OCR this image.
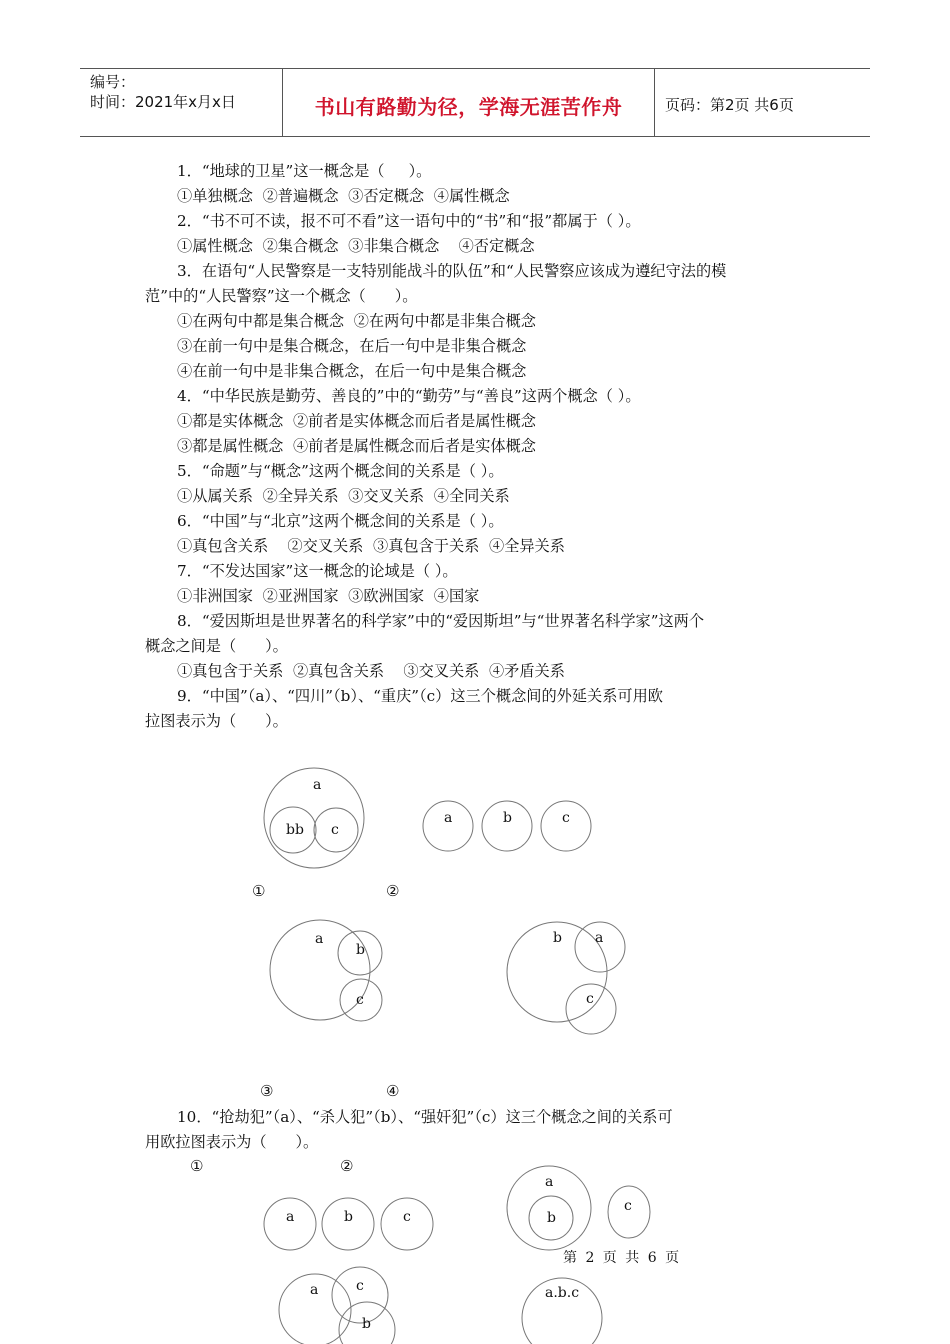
编号：
时间：2021年x月x日	书山有路勤为径，学海无涯苦作舟	页码：第2页 共6页
1．“地球的卫星”这一概念是（     ）。
①单独概念  ②普遍概念  ③否定概念  ④属性概念
2．“书不可不读，报不可不看”这一语句中的“书”和“报”都属于（ ）。
①属性概念  ②集合概念  ③非集合概念    ④否定概念
3．在语句“人民警察是一支特别能战斗的队伍”和“人民警察应该成为遵纪守法的模
范”中的“人民警察”这一个概念（      ）。
①在两句中都是集合概念  ②在两句中都是非集合概念
③在前一句中是集合概念，在后一句中是非集合概念
④在前一句中是非集合概念，在后一句中是集合概念
4．“中华民族是勤劳、善良的”中的“勤劳”与“善良”这两个概念（ ）。
①都是实体概念  ②前者是实体概念而后者是属性概念
③都是属性概念  ④前者是属性概念而后者是实体概念
5．“命题”与“概念”这两个概念间的关系是（ ）。
①从属关系  ②全异关系  ③交叉关系  ④全同关系
6．“中国”与“北京”这两个概念间的关系是（ ）。
①真包含关系    ②交叉关系  ③真包含于关系  ④全异关系
7．“不发达国家”这一概念的论域是（ ）。
①非洲国家  ②亚洲国家  ③欧洲国家  ④国家
8．“爱因斯坦是世界著名的科学家”中的“爱因斯坦”与“世界著名科学家”这两个
概念之间是（      ）。
①真包含于关系  ②真包含关系    ③交叉关系  ④矛盾关系
9．“中国”（a）、“四川”（b）、“重庆”（c）这三个概念间的外延关系可用欧
拉图表示为（      ）。
a
bb c
a	b	c
a
b
c
a
b
c
a	b	c
a
b
c
a	c
b
a.b.c
①	②
③	④
10．“抢劫犯”（a）、“杀人犯”（b）、“强奸犯”（c）这三个概念之间的关系可
用欧拉图表示为（      ）。
①	②
第 2 页 共 6 页
